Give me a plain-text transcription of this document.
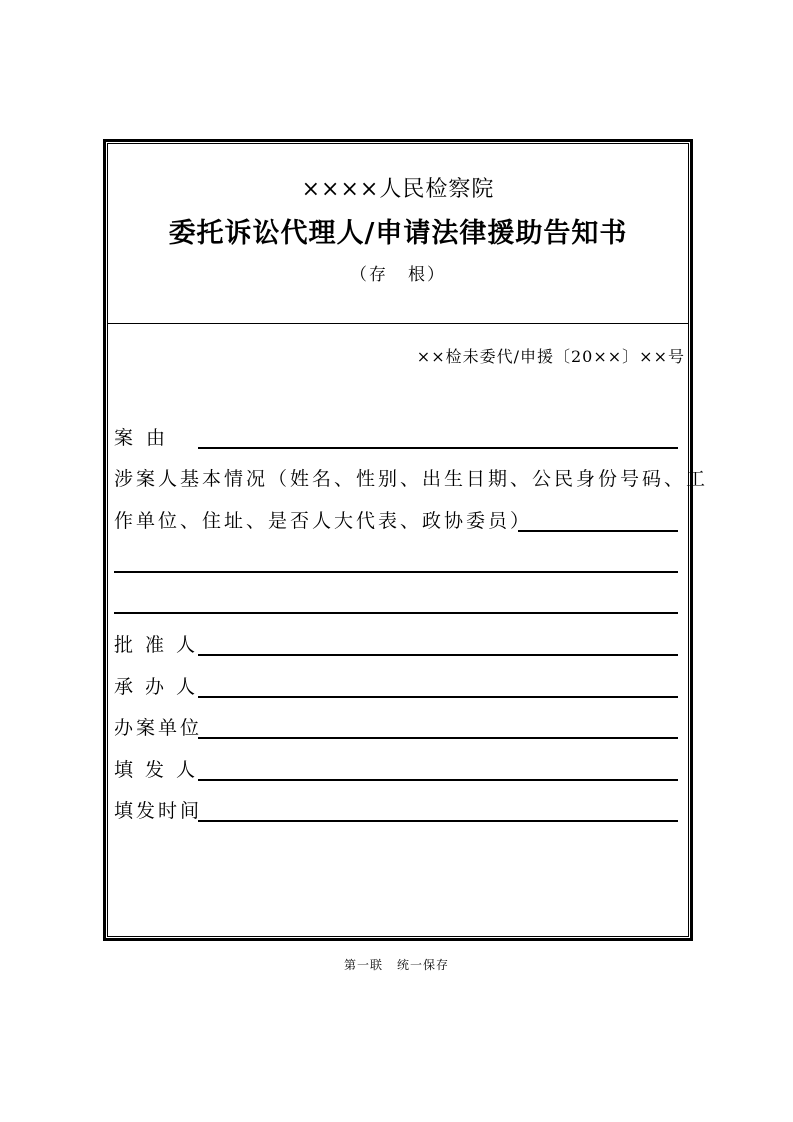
××××人民检察院
委托诉讼代理人/申请法律援助告知书
（存 根）
××检未委代/申援〔20××〕××号
案由
涉案人基本情况（姓名、性别、出生日期、公民身份号码、工
作单位、住址、是否人大代表、政协委员）
批准人
承办人
办案单位
填发人
填发时间
第一联 统一保存
